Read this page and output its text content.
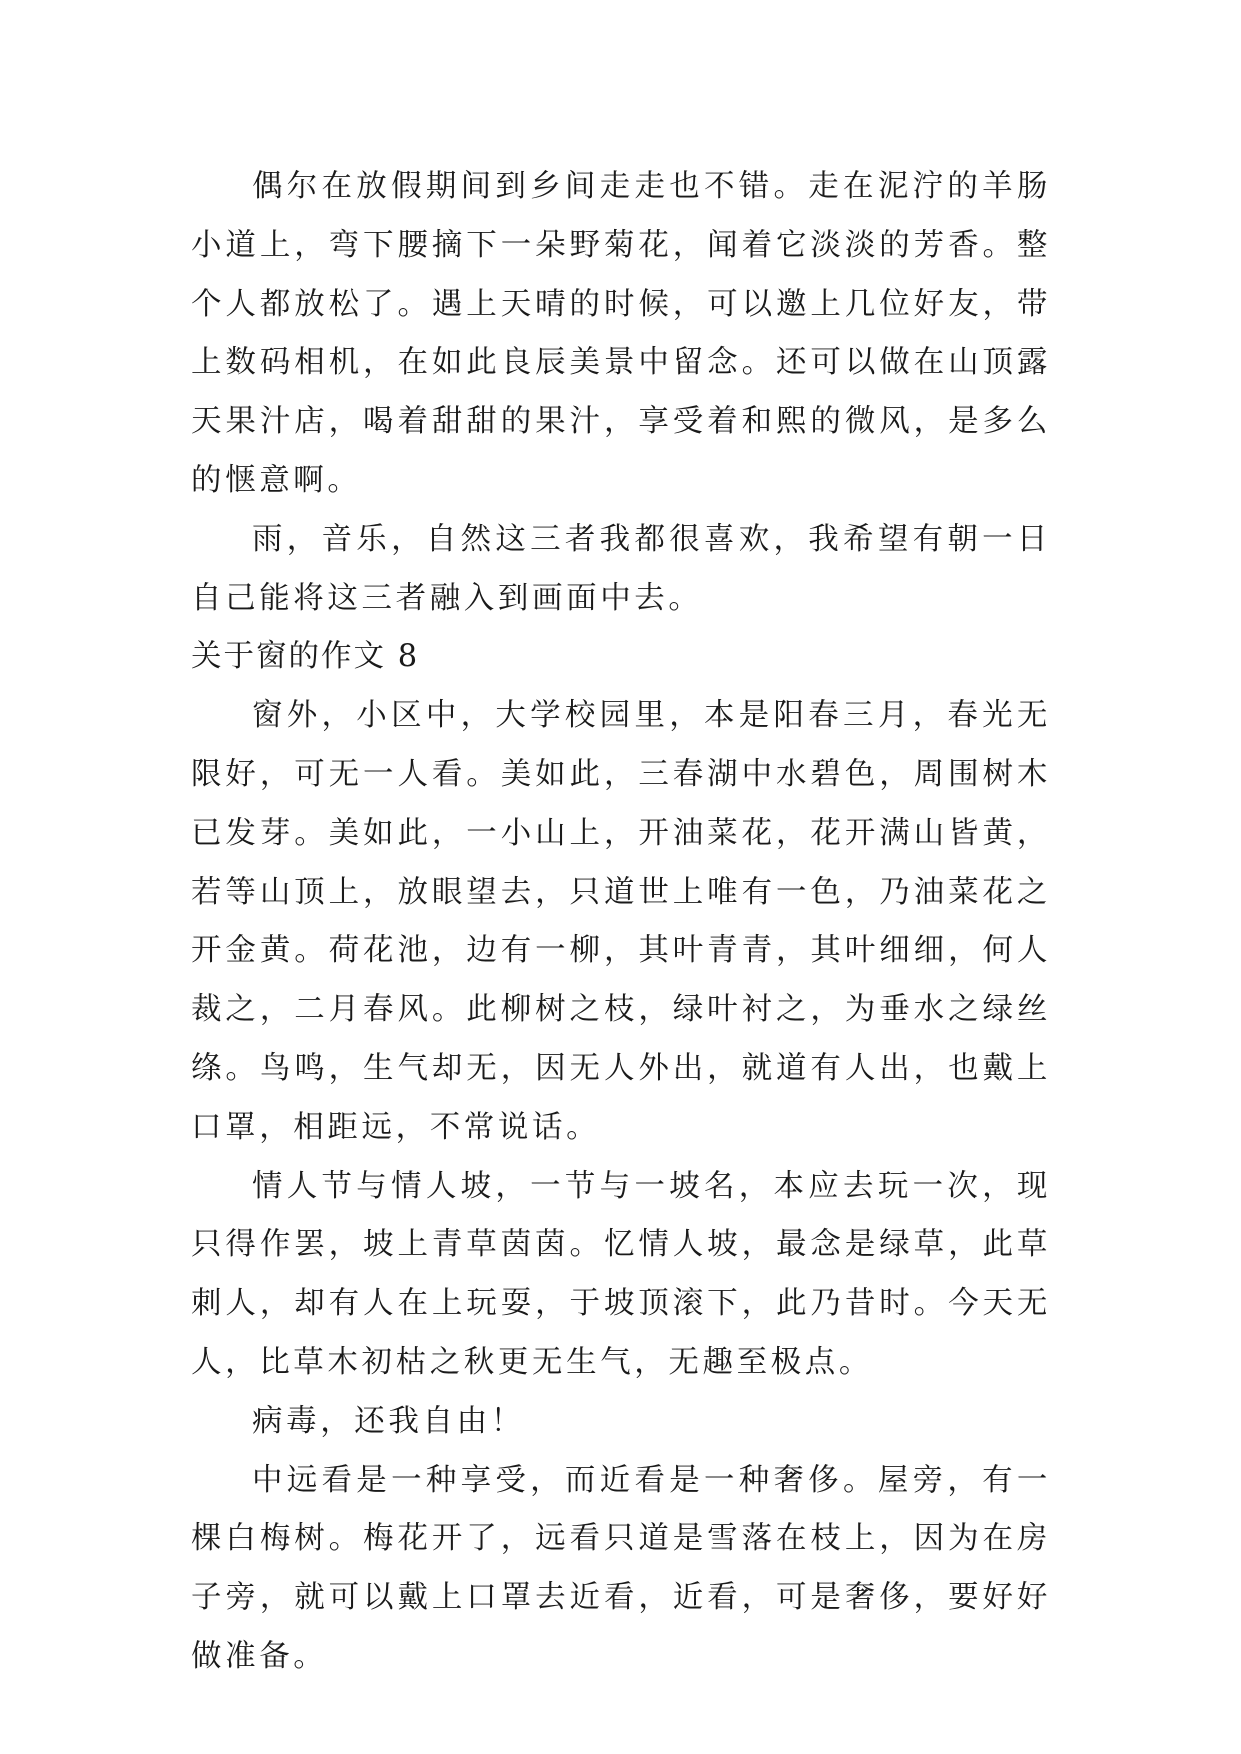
偶尔在放假期间到乡间走走也不错。走在泥泞的羊肠小道上，弯下腰摘下一朵野菊花，闻着它淡淡的芳香。整个人都放松了。遇上天晴的时候，可以邀上几位好友，带上数码相机，在如此良辰美景中留念。还可以做在山顶露天果汁店，喝着甜甜的果汁，享受着和熙的微风，是多么的惬意啊。

雨，音乐，自然这三者我都很喜欢，我希望有朝一日自己能将这三者融入到画面中去。

关于窗的作文 8

窗外，小区中，大学校园里，本是阳春三月，春光无限好，可无一人看。美如此，三春湖中水碧色，周围树木已发芽。美如此，一小山上，开油菜花，花开满山皆黄，若等山顶上，放眼望去，只道世上唯有一色，乃油菜花之开金黄。荷花池，边有一柳，其叶青青，其叶细细，何人裁之，二月春风。此柳树之枝，绿叶衬之，为垂水之绿丝绦。鸟鸣，生气却无，因无人外出，就道有人出，也戴上口罩，相距远，不常说话。

情人节与情人坡，一节与一坡名，本应去玩一次，现只得作罢，坡上青草茵茵。忆情人坡，最念是绿草，此草刺人，却有人在上玩耍，于坡顶滚下，此乃昔时。今天无人，比草木初枯之秋更无生气，无趣至极点。

病毒，还我自由！

中远看是一种享受，而近看是一种奢侈。屋旁，有一棵白梅树。梅花开了，远看只道是雪落在枝上，因为在房子旁，就可以戴上口罩去近看，近看，可是奢侈，要好好做准备。
